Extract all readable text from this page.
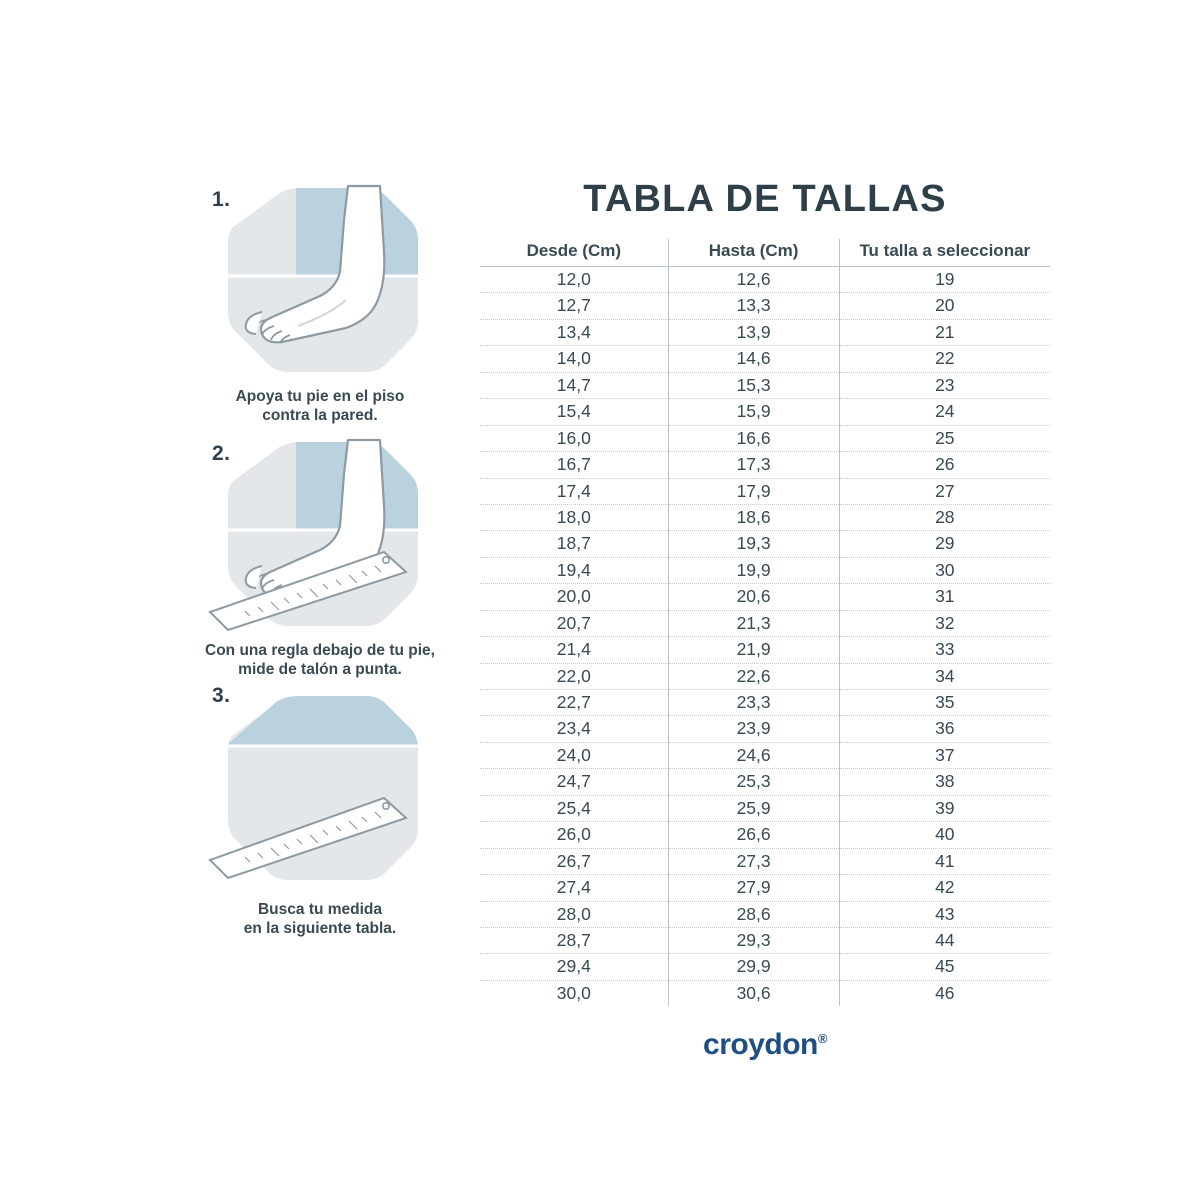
1.
Apoya tu pie en el piso
contra la pared.
2.
Con una regla debajo de tu pie,
mide de talón a punta.
3.
Busca tu medida
en la siguiente tabla.
TABLA DE TALLAS
Desde (Cm)	Hasta (Cm)	Tu talla a seleccionar
12,0	12,6	19
12,7	13,3	20
13,4	13,9	21
14,0	14,6	22
14,7	15,3	23
15,4	15,9	24
16,0	16,6	25
16,7	17,3	26
17,4	17,9	27
18,0	18,6	28
18,7	19,3	29
19,4	19,9	30
20,0	20,6	31
20,7	21,3	32
21,4	21,9	33
22,0	22,6	34
22,7	23,3	35
23,4	23,9	36
24,0	24,6	37
24,7	25,3	38
25,4	25,9	39
26,0	26,6	40
26,7	27,3	41
27,4	27,9	42
28,0	28,6	43
28,7	29,3	44
29,4	29,9	45
30,0	30,6	46
croydon®
